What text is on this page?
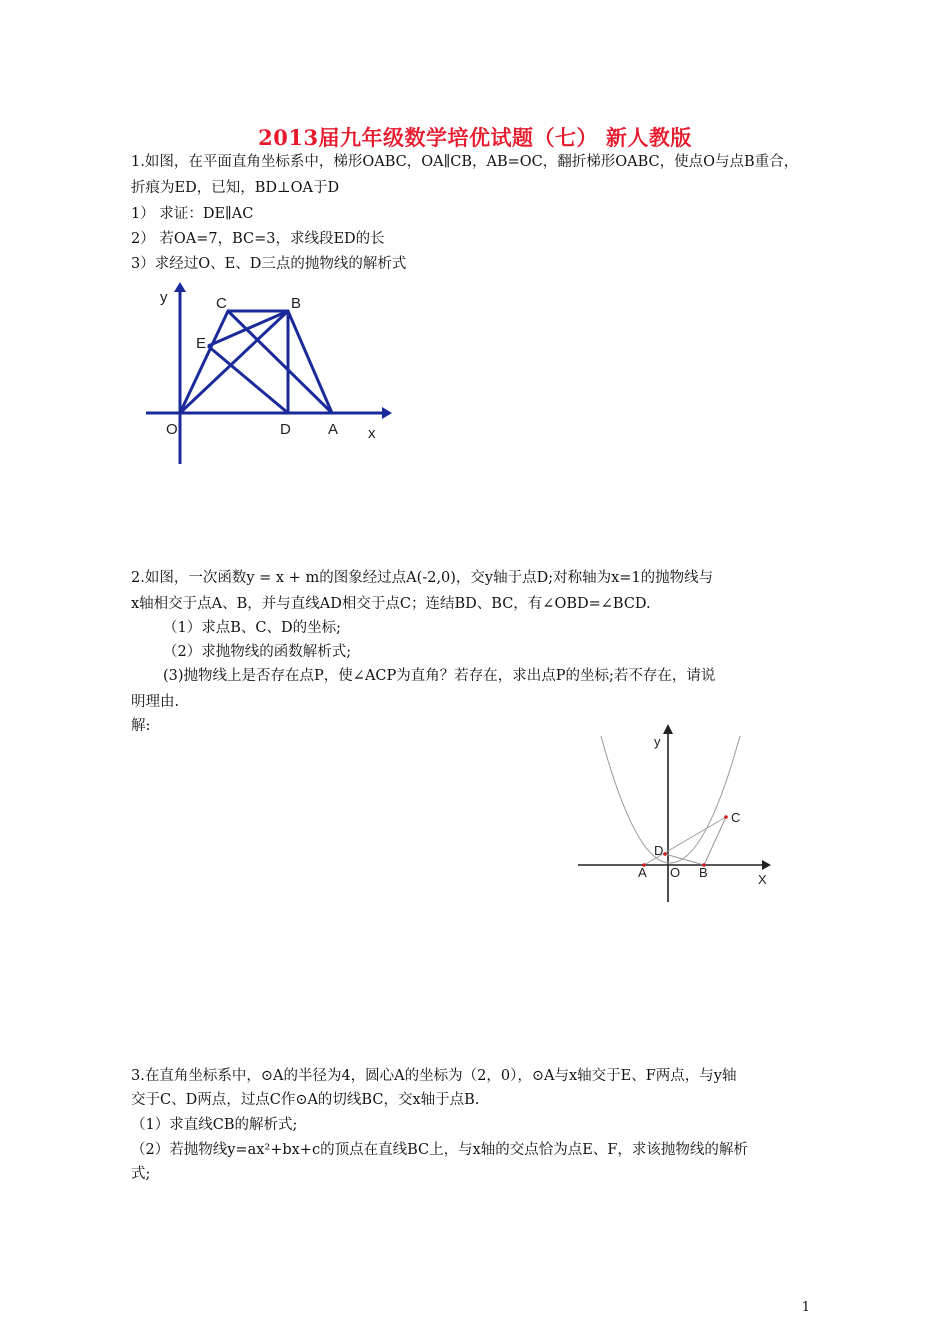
2013届九年级数学培优试题（七） 新人教版
1.如图，在平面直角坐标系中，梯形OABC，OA∥CB，AB=OC，翻折梯形OABC，使点O与点B重合，
折痕为ED，已知，BD⊥OA于D
1） 求证：DE∥AC
2） 若OA=7，BC=3，求线段ED的长
3）求经过O、E、D三点的抛物线的解析式
y	C	B
E
O	D A x
2.如图，一次函数y = x + m的图象经过点A(-2,0)，交y轴于点D;对称轴为x=1的抛物线与
x轴相交于点A、B，并与直线AD相交于点C；连结BD、BC，有∠OBD=∠BCD.
（1）求点B、C、D的坐标;
（2）求抛物线的函数解析式;
(3)抛物线上是否存在点P，使∠ACP为直角？若存在，求出点P的坐标;若不存在，请说
明理由.
解:
y
C
D
A O B	X
3.在直角坐标系中，⊙A的半径为4，圆心A的坐标为（2，0），⊙A与x轴交于E、F两点，与y轴
交于C、D两点，过点C作⊙A的切线BC，交x轴于点B.
（1）求直线CB的解析式;
（2）若抛物线y=ax²+bx+c的顶点在直线BC上，与x轴的交点恰为点E、F，求该抛物线的解析
式;
1
